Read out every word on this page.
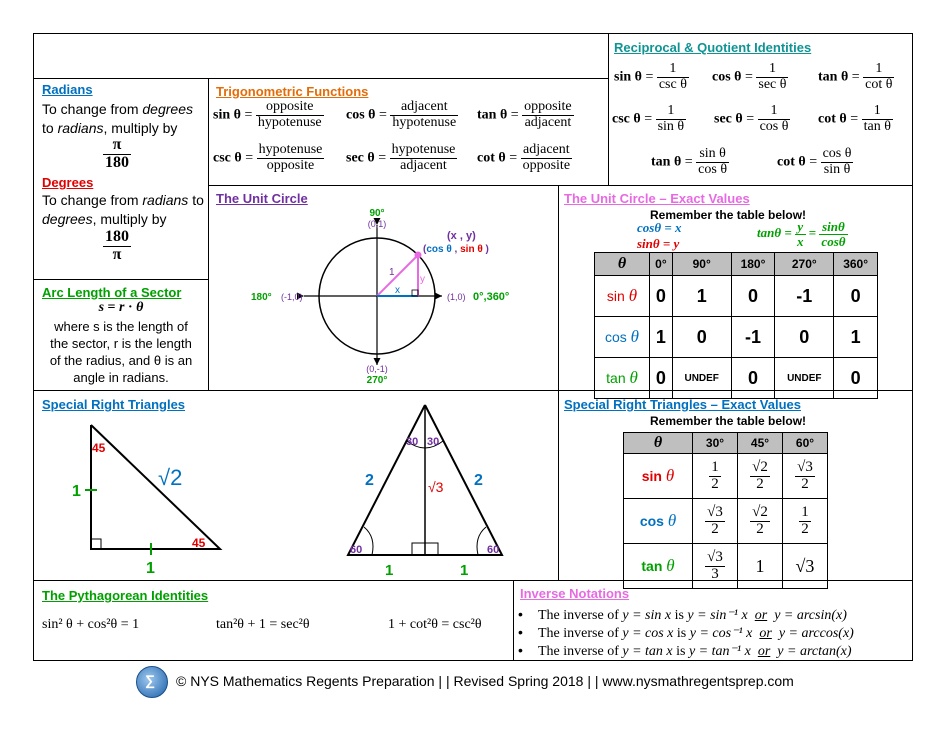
Radians
To change from degrees
to radians, multiply by
$\frac{\pi}{180}$
Degrees
To change from radians to
degrees, multiply by
$\frac{180}{\pi}$
Arc Length of a Sector
s = r · θ
where s is the length of
the sector, r is the length
of the radius, and θ is an
angle in radians.
Trigonometric Functions
$\sin \theta = \frac{\text{opposite}}{\text{hypotenuse}}$ $\cos \theta = \frac{\text{adjacent}}{\text{hypotenuse}}$ $\tan \theta = \frac{\text{opposite}}{\text{adjacent}}$
$\csc \theta = \frac{\text{hypotenuse}}{\text{opposite}}$ $\sec \theta = \frac{\text{hypotenuse}}{\text{adjacent}}$ $\cot \theta = \frac{\text{adjacent}}{\text{opposite}}$
Reciprocal & Quotient Identities
$\sin \theta = \frac{1}{\text{csc θ}}$ $\cos \theta = \frac{1}{\text{sec θ}}$ $\tan \theta = \frac{1}{\text{cot θ}}$
$\csc \theta = \frac{1}{\text{sin θ}}$ $\sec \theta = \frac{1}{\text{cos θ}}$ $\cot \theta = \frac{1}{\text{tan θ}}$
$\tan \theta = \frac{\text{sin θ}}{\text{cos θ}}$	$\cot \theta = \frac{\text{cos θ}}{\text{sin θ}}$
The Unit Circle
1
x
y
90°
(0,1)
180° (-1,0)	(1,0) 0°,360°
(0,-1)
270°
(x , y)
(cos θ , sin θ )
The Unit Circle – Exact Values
Remember the table below!
cosθ = x
sinθ = y
$\tan\theta = \frac{y}{x} = \frac{\sin\theta}{\cos\theta}$
θ	0°	90°	180°	270°	360°
sin θ	0	1	0	-1	0
cos θ	1	0	-1	0	1
tan θ	0	UNDEF	0	UNDEF	0
Special Right Triangles
45
45
√2
1
1
30 30
2	2
√3
60	60
1	1
Special Right Triangles – Exact Values
Remember the table below!
θ	30°	45°	60°
sin θ	$\frac{1}{2}$	$\frac{√2}{2}$	$\frac{√3}{2}$

cos θ	$\frac{√3}{2}$	$\frac{√2}{2}$	$\frac{1}{2}$

tan θ	$\frac{√3}{3}$	1	√3
The Pythagorean Identities
sin² θ + cos²θ = 1	tan²θ + 1 = sec²θ	1 + cot²θ = csc²θ
Inverse Notations
• The inverse of y = sin x is y = sin⁻¹ x or y = arcsin(x)
• The inverse of y = cos x is y = cos⁻¹ x or y = arccos(x)
• The inverse of y = tan x is y = tan⁻¹ x or y = arctan(x)
∑ © NYS Mathematics Regents Preparation | | Revised Spring 2018 | | www.nysmathregentsprep.com
